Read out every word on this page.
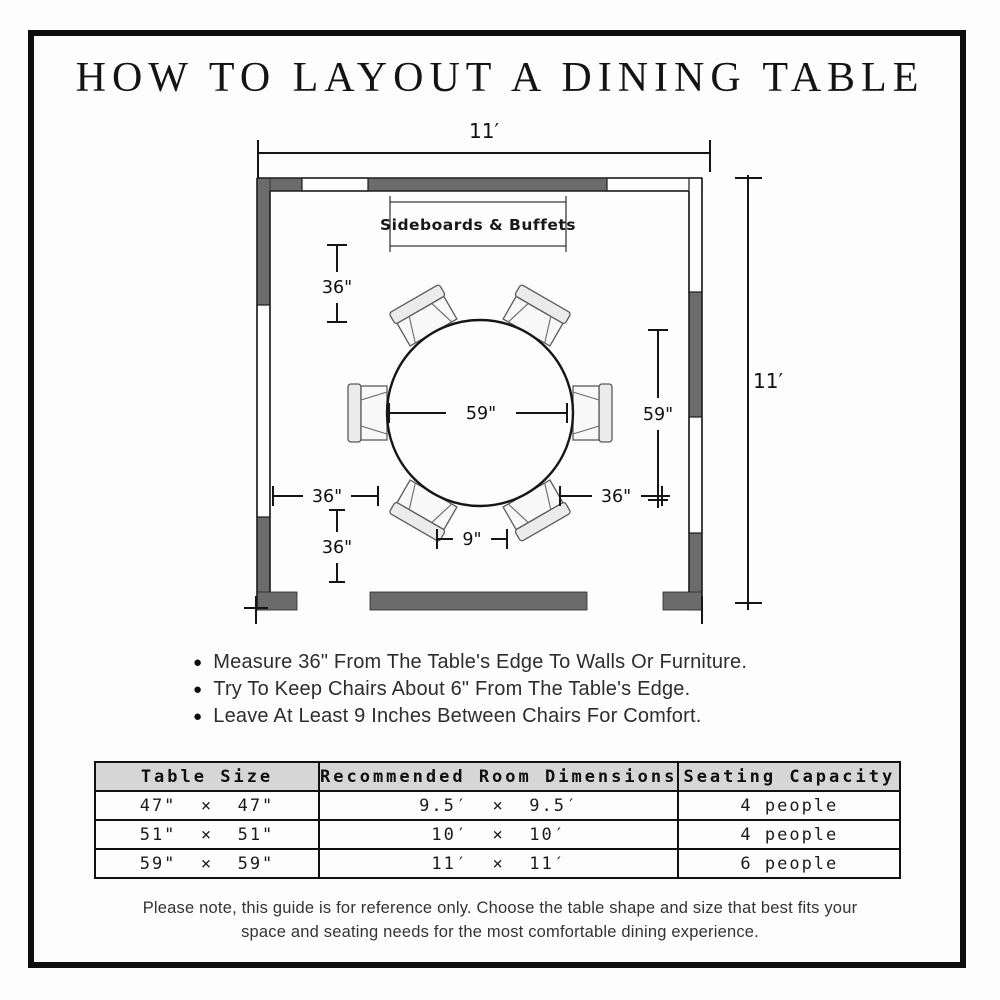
HOW TO LAYOUT A DINING TABLE
Sideboards & Buffets
11′
11′
36"
36"
36"
36"
59"
59"
9"
● Measure 36" From The Table's Edge To Walls Or Furniture.
● Try To Keep Chairs About 6" From The Table's Edge.
● Leave At Least 9 Inches Between Chairs For Comfort.
Table Size	Recommended Room Dimensions	Seating Capacity
47"  ×  47"	9.5′  ×  9.5′	4 people
51"  ×  51"	10′  ×  10′	4 people
59"  ×  59"	11′  ×  11′	6 people
Please note, this guide is for reference only. Choose the table shape and size that best fits your
space and seating needs for the most comfortable dining experience.
